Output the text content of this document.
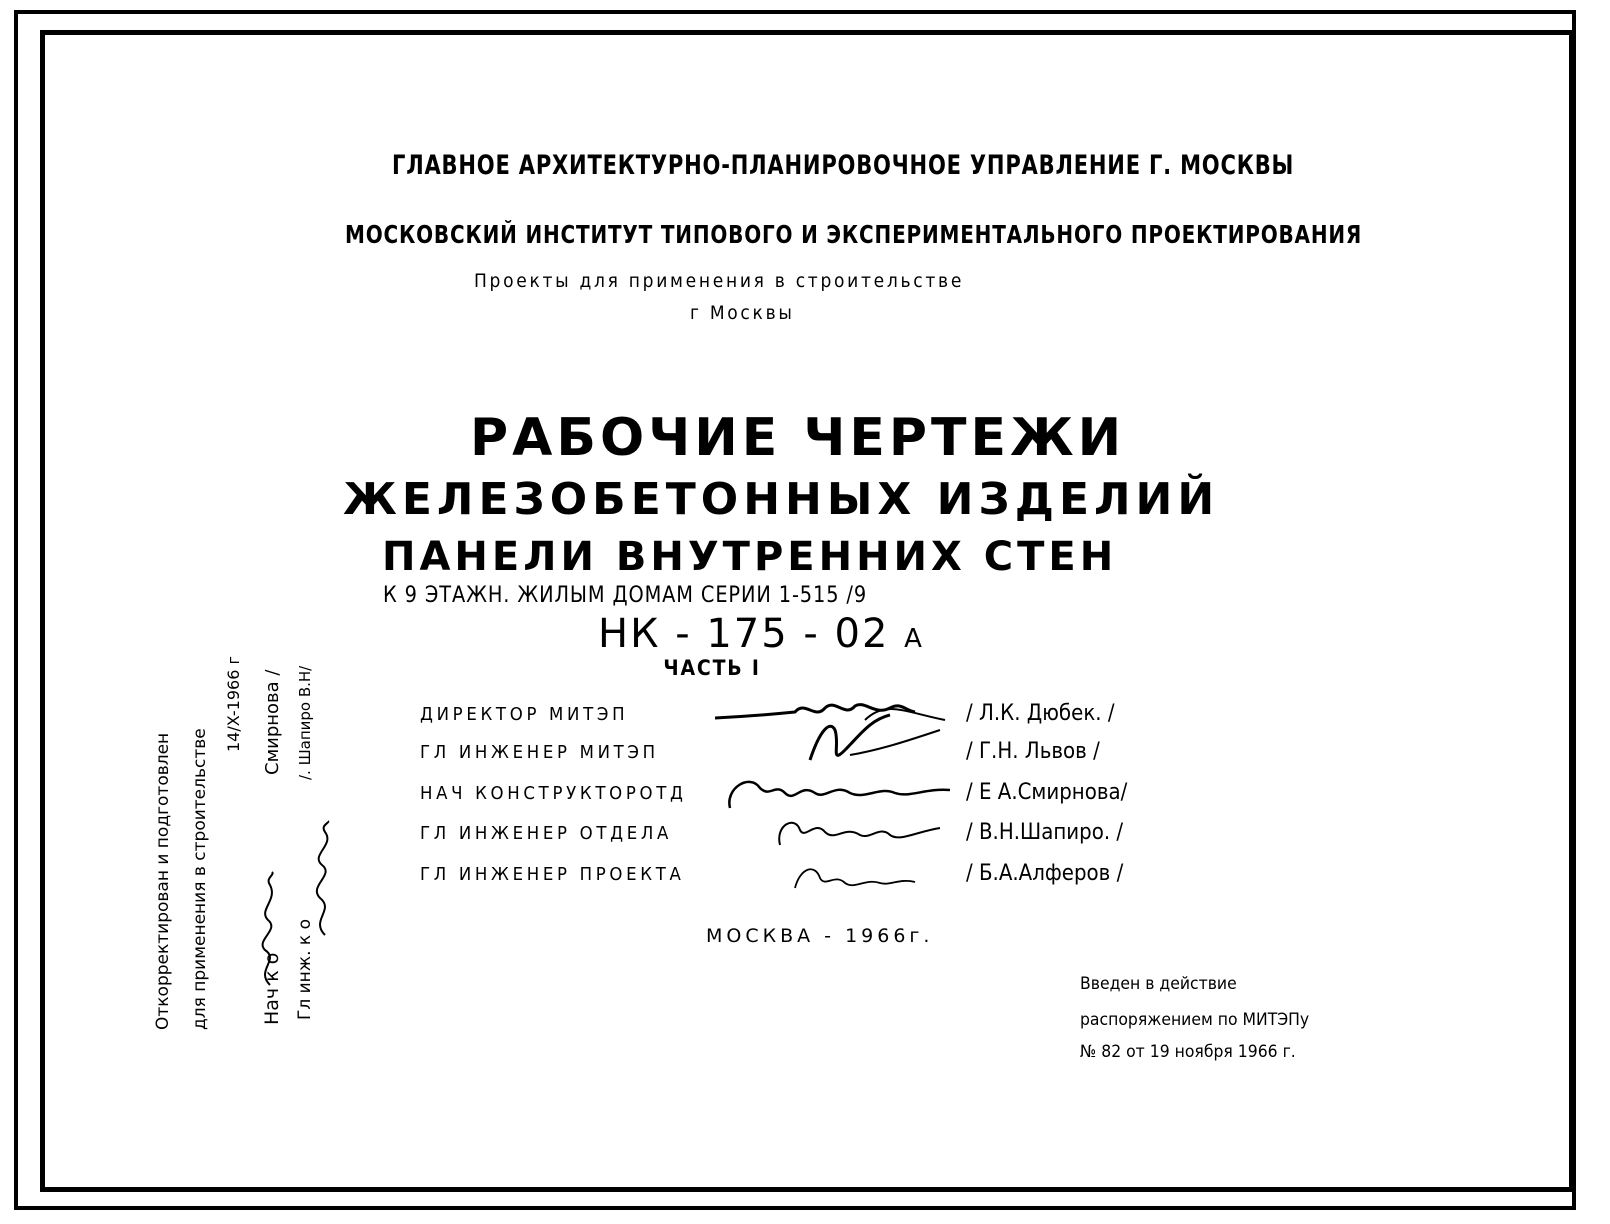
ГЛАВНОЕ АРХИТЕКТУРНО-ПЛАНИРОВОЧНОЕ УПРАВЛЕНИЕ Г. МОСКВЫ
МОСКОВСКИЙ ИНСТИТУТ ТИПОВОГО И ЭКСПЕРИМЕНТАЛЬНОГО ПРОЕКТИРОВАНИЯ
Проекты для применения в строительстве
г Москвы
РАБОЧИЕ ЧЕРТЕЖИ
ЖЕЛЕЗОБЕТОННЫХ ИЗДЕЛИЙ
ПАНЕЛИ ВНУТРЕННИХ СТЕН
К 9 ЭТАЖН. ЖИЛЫМ ДОМАМ СЕРИИ 1-515 /9
НК - 175 - 02 А
ЧАСТЬ I
ДИРЕКТОР МИТЭП	/ Л.К. Дюбек. /
ГЛ ИНЖЕНЕР МИТЭП	/ Г.Н. Львов /
НАЧ КОНСТРУКТОРОТД	/ Е А.Смирнова/
ГЛ ИНЖЕНЕР ОТДЕЛА	/ В.Н.Шапиро. /
ГЛ ИНЖЕНЕР ПРОЕКТА	/ Б.А.Алферов /
МОСКВА - 1966г.
Введен в действие
распоряжением по МИТЭПу
№ 82 от 19 ноября 1966 г.
Откорректирован и подготовлен для применения в строительстве
14/X-1966 г
Нач к о
Смирнова /
Гл инж. к о
/. Шапиро В.Н/
